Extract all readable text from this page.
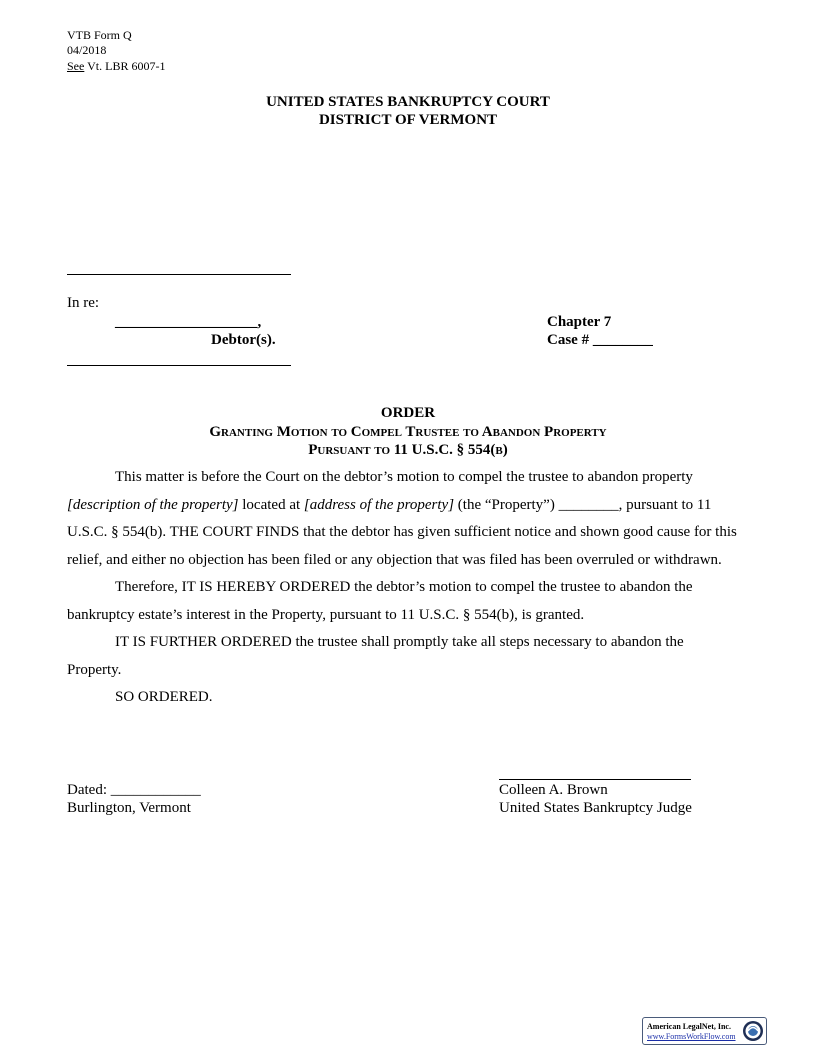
VTB Form Q
04/2018
See Vt. LBR 6007-1
UNITED STATES BANKRUPTCY COURT
DISTRICT OF VERMONT
In re:
___________________,
Debtor(s).
Chapter 7
Case # ________
ORDER
Granting Motion to Compel Trustee to Abandon Property
Pursuant to 11 U.S.C. § 554(b)
This matter is before the Court on the debtor’s motion to compel the trustee to abandon property [description of the property] located at [address of the property] (the “Property”) ________, pursuant to 11 U.S.C. § 554(b). THE COURT FINDS that the debtor has given sufficient notice and shown good cause for this relief, and either no objection has been filed or any objection that was filed has been overruled or withdrawn.
Therefore, IT IS HEREBY ORDERED the debtor’s motion to compel the trustee to abandon the bankruptcy estate’s interest in the Property, pursuant to 11 U.S.C. § 554(b), is granted.
IT IS FURTHER ORDERED the trustee shall promptly take all steps necessary to abandon the Property.
SO ORDERED.
Dated: ____________
Burlington, Vermont
Colleen A. Brown
United States Bankruptcy Judge
American LegalNet, Inc.
www.FormsWorkFlow.com
